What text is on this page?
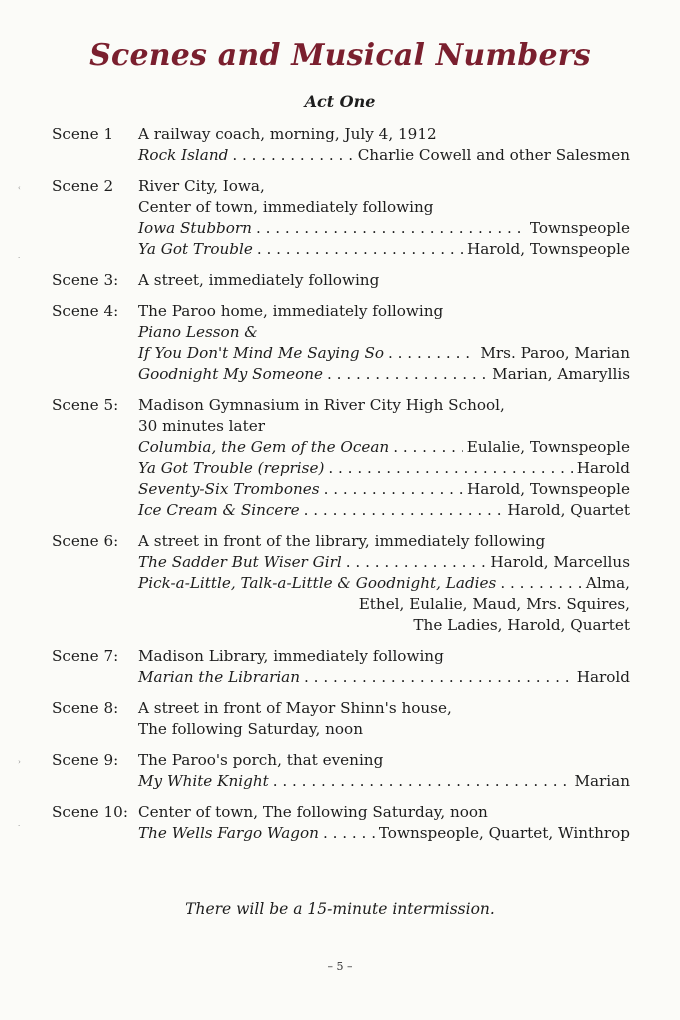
Scenes and Musical Numbers
Act One
Scene 1	A railway coach, morning, July 4, 1912
Rock Island . . .	Charlie Cowell and other Salesmen
Scene 2	River City, Iowa,
Center of town, immediately following
Iowa Stubborn . . .	Townspeople
Ya Got Trouble . . .	Harold, Townspeople
Scene 3:	A street, immediately following
Scene 4:	The Paroo home, immediately following
Piano Lesson &
If You Don't Mind Me Saying So . . .	Mrs. Paroo, Marian
Goodnight My Someone . . .	Marian, Amaryllis
Scene 5:	Madison Gymnasium in River City High School,
30 minutes later
Columbia, the Gem of the Ocean . . .	Eulalie, Townspeople
Ya Got Trouble (reprise) . . .	Harold
Seventy-Six Trombones . . .	Harold, Townspeople
Ice Cream & Sincere . . .	Harold, Quartet
Scene 6:	A street in front of the library, immediately following
The Sadder But Wiser Girl . . .	Harold, Marcellus
Pick-a-Little, Talk-a-Little & Goodnight, Ladies . . .	Alma,
Ethel, Eulalie, Maud, Mrs. Squires,
The Ladies, Harold, Quartet
Scene 7:	Madison Library, immediately following
Marian the Librarian . . .	Harold
Scene 8:	A street in front of Mayor Shinn's house,
The following Saturday, noon
Scene 9:	The Paroo's porch, that evening
My White Knight . . .	Marian
Scene 10: Center of town, The following Saturday, noon
The Wells Fargo Wagon . . .	Townspeople, Quartet, Winthrop
There will be a 15-minute intermission.
– 5 –
‹
·
›
·
